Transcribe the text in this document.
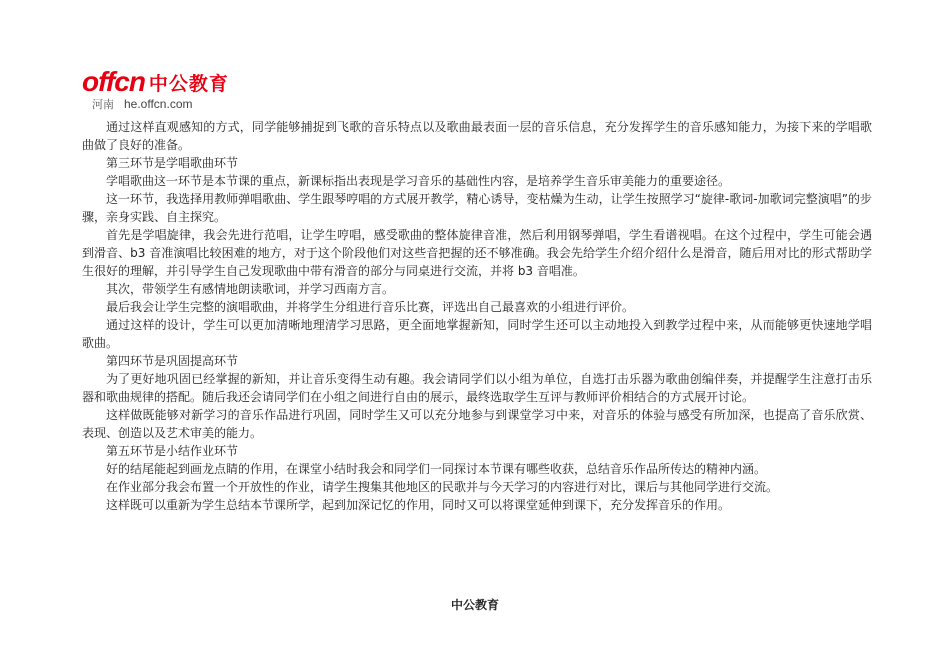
offcn 中公教育
河南 he.offcn.com

通过这样直观感知的方式，同学能够捕捉到飞歌的音乐特点以及歌曲最表面一层的音乐信息，充分发挥学生的音乐感知能力，为接下来的学唱歌曲做了良好的准备。

第三环节是学唱歌曲环节

学唱歌曲这一环节是本节课的重点，新课标指出表现是学习音乐的基础性内容，是培养学生音乐审美能力的重要途径。

这一环节，我选择用教师弹唱歌曲、学生跟琴哼唱的方式展开教学，精心诱导，变枯燥为生动，让学生按照学习“旋律-歌词-加歌词完整演唱”的步骤，亲身实践、自主探究。

首先是学唱旋律，我会先进行范唱，让学生哼唱，感受歌曲的整体旋律音准，然后利用钢琴弹唱，学生看谱视唱。在这个过程中，学生可能会遇到滑音、b3 音准演唱比较困难的地方，对于这个阶段他们对这些音把握的还不够准确。我会先给学生介绍介绍什么是滑音，随后用对比的形式帮助学生很好的理解，并引导学生自己发现歌曲中带有滑音的部分与同桌进行交流，并将 b3 音唱准。

其次，带领学生有感情地朗读歌词，并学习西南方言。

最后我会让学生完整的演唱歌曲，并将学生分组进行音乐比赛，评选出自己最喜欢的小组进行评价。

通过这样的设计，学生可以更加清晰地理清学习思路，更全面地掌握新知，同时学生还可以主动地投入到教学过程中来，从而能够更快速地学唱歌曲。

第四环节是巩固提高环节

为了更好地巩固已经掌握的新知，并让音乐变得生动有趣。我会请同学们以小组为单位，自选打击乐器为歌曲创编伴奏，并提醒学生注意打击乐器和歌曲规律的搭配。随后我还会请同学们在小组之间进行自由的展示，最终选取学生互评与教师评价相结合的方式展开讨论。

这样做既能够对新学习的音乐作品进行巩固，同时学生又可以充分地参与到课堂学习中来，对音乐的体验与感受有所加深，也提高了音乐欣赏、表现、创造以及艺术审美的能力。

第五环节是小结作业环节

好的结尾能起到画龙点睛的作用，在课堂小结时我会和同学们一同探讨本节课有哪些收获，总结音乐作品所传达的精神内涵。

在作业部分我会布置一个开放性的作业，请学生搜集其他地区的民歌并与今天学习的内容进行对比，课后与其他同学进行交流。

这样既可以重新为学生总结本节课所学，起到加深记忆的作用，同时又可以将课堂延伸到课下，充分发挥音乐的作用。

中公教育
